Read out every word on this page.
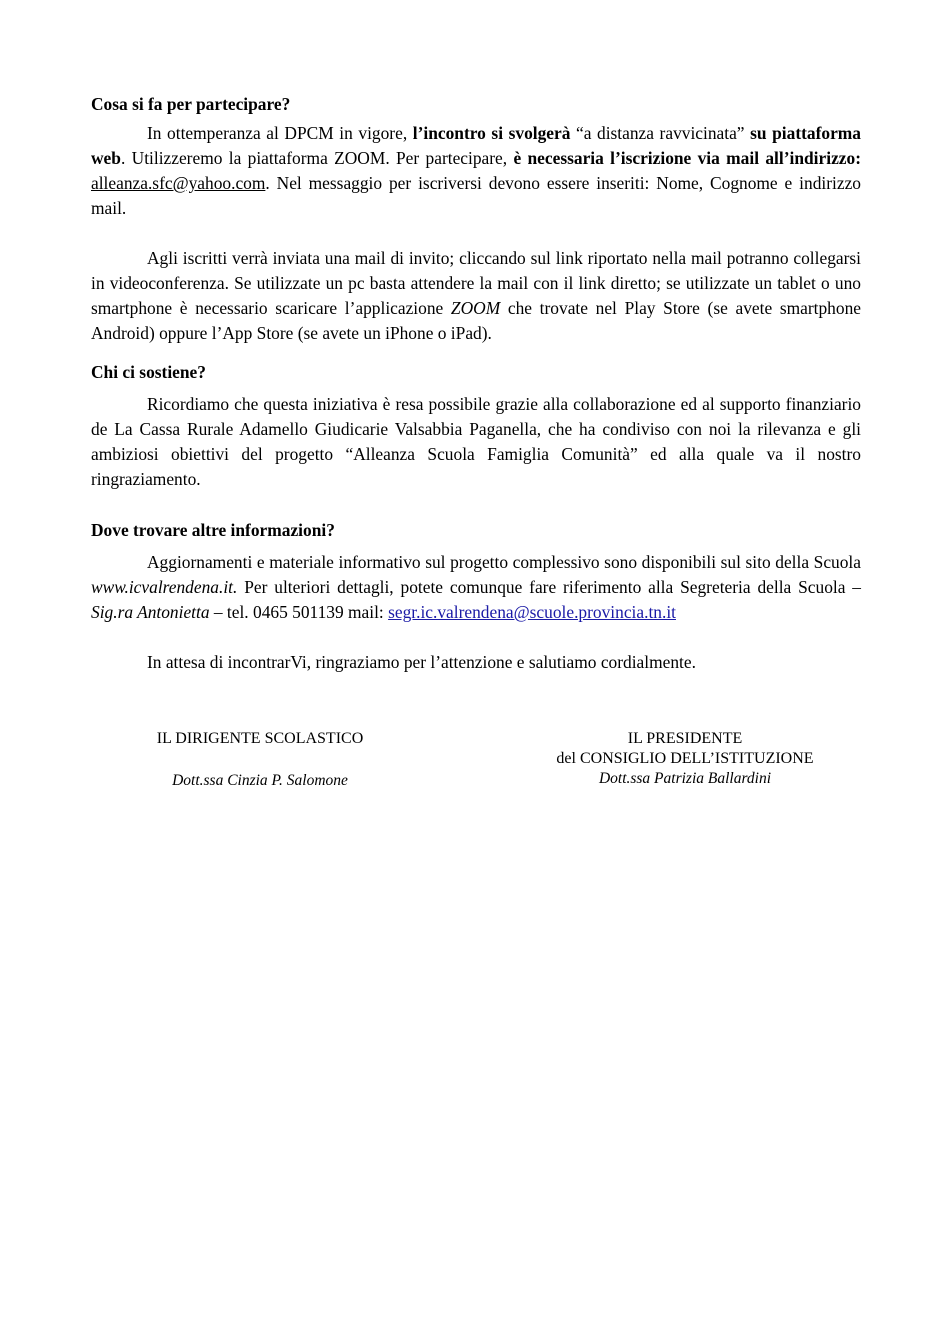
Cosa si fa per partecipare?

In ottemperanza al DPCM in vigore, l’incontro si svolgerà “a distanza ravvicinata” su piattaforma web. Utilizzeremo la piattaforma ZOOM. Per partecipare, è necessaria l’iscrizione via mail all’indirizzo: alleanza.sfc@yahoo.com. Nel messaggio per iscriversi devono essere inseriti: Nome, Cognome e indirizzo mail.

Agli iscritti verrà inviata una mail di invito; cliccando sul link riportato nella mail potranno collegarsi in videoconferenza. Se utilizzate un pc basta attendere la mail con il link diretto; se utilizzate un tablet o uno smartphone è necessario scaricare l’applicazione ZOOM che trovate nel Play Store (se avete smartphone Android) oppure l’App Store (se avete un iPhone o iPad).

Chi ci sostiene?

Ricordiamo che questa iniziativa è resa possibile grazie alla collaborazione ed al supporto finanziario de La Cassa Rurale Adamello Giudicarie Valsabbia Paganella, che ha condiviso con noi la rilevanza e gli ambiziosi obiettivi del progetto “Alleanza Scuola Famiglia Comunità” ed alla quale va il nostro ringraziamento.

Dove trovare altre informazioni?

Aggiornamenti e materiale informativo sul progetto complessivo sono disponibili sul sito della Scuola www.icvalrendena.it. Per ulteriori dettagli, potete comunque fare riferimento alla Segreteria della Scuola – Sig.ra Antonietta – tel. 0465 501139 mail: segr.ic.valrendena@scuole.provincia.tn.it

In attesa di incontrarVi, ringraziamo per l’attenzione e salutiamo cordialmente.

IL DIRIGENTE SCOLASTICO
Dott.ssa Cinzia P. Salomone
IL PRESIDENTE
del CONSIGLIO DELL’ISTITUZIONE
Dott.ssa Patrizia Ballardini
